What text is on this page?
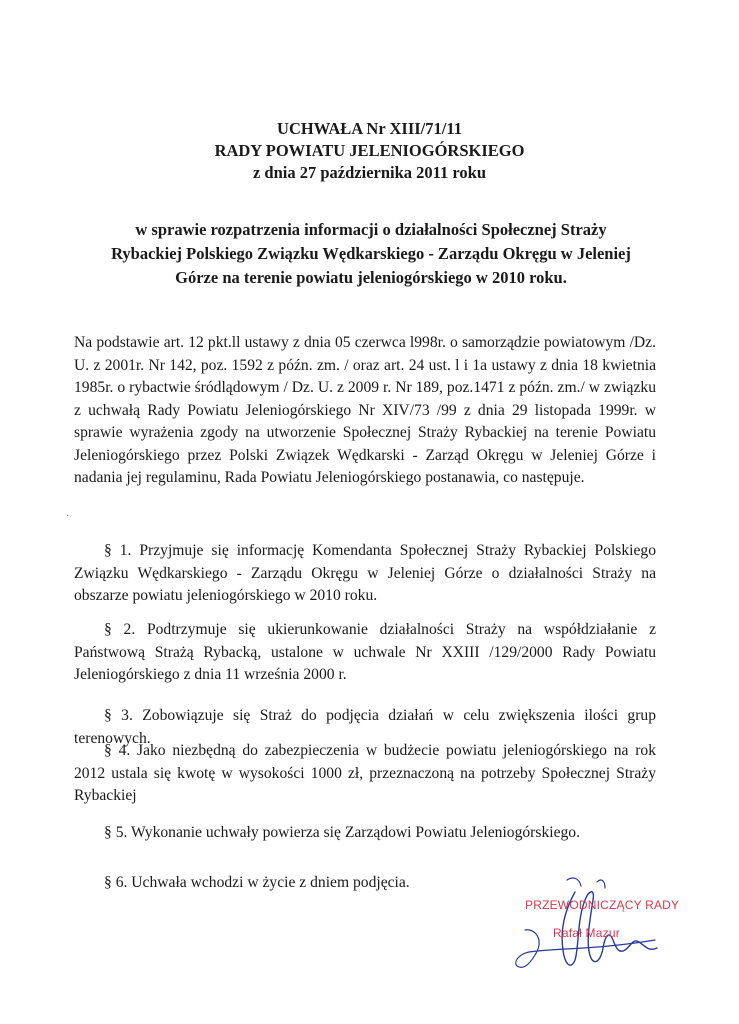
UCHWAŁA Nr XIII/71/11
RADY POWIATU JELENIOGÓRSKIEGO
z dnia 27 października 2011 roku
w sprawie rozpatrzenia informacji o działalności Społecznej Straży
Rybackiej Polskiego Związku Wędkarskiego - Zarządu Okręgu w Jeleniej
Górze na terenie powiatu jeleniogórskiego w 2010 roku.
Na podstawie art. 12 pkt.ll ustawy z dnia 05 czerwca l998r. o samorządzie powiatowym /Dz. U. z 2001r. Nr 142, poz. 1592 z późn. zm. / oraz art. 24 ust. l i 1a ustawy z dnia 18 kwietnia 1985r. o rybactwie śródlądowym / Dz. U. z 2009 r. Nr 189, poz.1471 z późn. zm./ w związku z uchwałą Rady Powiatu Jeleniogórskiego Nr XIV/73 /99 z dnia 29 listopada 1999r. w sprawie wyrażenia zgody na utworzenie Społecznej Straży Rybackiej na terenie Powiatu Jeleniogórskiego przez Polski Związek Wędkarski - Zarząd Okręgu w Jeleniej Górze i nadania jej regulaminu, Rada Powiatu Jeleniogórskiego postanawia, co następuje.
·
§ 1. Przyjmuje się informację Komendanta Społecznej Straży Rybackiej Polskiego Związku Wędkarskiego - Zarządu Okręgu w Jeleniej Górze o działalności Straży na obszarze powiatu jeleniogórskiego w 2010 roku.
§ 2. Podtrzymuje się ukierunkowanie działalności Straży na współdziałanie z Państwową Strażą Rybacką, ustalone w uchwale Nr XXIII /129/2000 Rady Powiatu Jeleniogórskiego z dnia 11 września 2000 r.
§ 3. Zobowiązuje się Straż do podjęcia działań w celu zwiększenia ilości grup terenowych.
§ 4. Jako niezbędną do zabezpieczenia w budżecie powiatu jeleniogórskiego na rok 2012 ustala się kwotę w wysokości 1000 zł, przeznaczoną na potrzeby Społecznej Straży Rybackiej
§ 5. Wykonanie uchwały powierza się Zarządowi Powiatu Jeleniogórskiego.
§ 6. Uchwała wchodzi w życie z dniem podjęcia.
PRZEWODNICZĄCY RADY
Rafał Mazur
